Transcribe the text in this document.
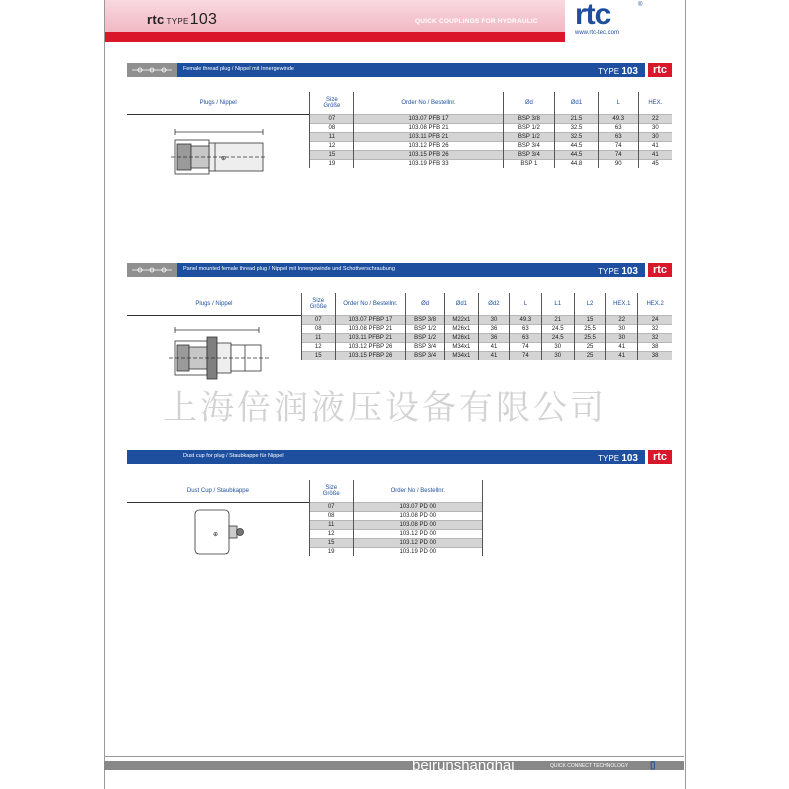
rtc TYPE103	QUICK COUPLINGS FOR HYDRAULIC rtc	®
www.rtc-tec.com
Female thread plug / Nippel mit Innergewinde	TYPE 103	rtc
Plugs / Nippel	Size
Größe	Order No / Bestellnr.	Ød	Ød1	L	HEX.
	07	103.07 PFB 17	BSP 3/8	21.5	49.3	22
	08	103.08 PFB 21	BSP 1/2	32.5	63	30
	11	103.11 PFB 21	BSP 1/2	32.5	63	30
	12	103.12 PFB 26	BSP 3/4	44.5	74	41
	15	103.15 PFB 26	BSP 3/4	44.5	74	41
	19	103.19 PFB 33	BSP 1	44.8	90	45
⊕
Panel mounted female thread plug / Nippel mit Innergewinde und Schottverschraubung	TYPE 103	rtc
Plugs / Nippel	Size
Größe	Order No / Bestellnr.	Ød	Ød1	Ød2	L	L1	L2	HEX.1	HEX.2
	07	103.07 PFBP 17	BSP 3/8	M22x1	30	49.3	21	15	22	24
	08	103.08 PFBP 21	BSP 1/2	M26x1	36	63	24.5	25.5	30	32
	11	103.11 PFBP 21	BSP 1/2	M26x1	36	63	24.5	25.5	30	32
	12	103.12 PFBP 26	BSP 3/4	M34x1	41	74	30	25	41	38
	15	103.15 PFBP 26	BSP 3/4	M34x1	41	74	30	25	41	38
Dust cup for plug / Staubkappe für Nippel	TYPE 103	rtc
Dust Cup / Staubkappe	Size
Größe	Order No / Bestellnr.
	07	103.07 PD 00
	08	103.08 PD 00
	11	103.08 PD 00
	12	103.12 PD 00
	15	103.12 PD 00
	19	103.19 PD 00
⊕
上海倍润液压设备有限公司
beirunshanghai	QUICK CONNECT TECHNOLOGY ▯
